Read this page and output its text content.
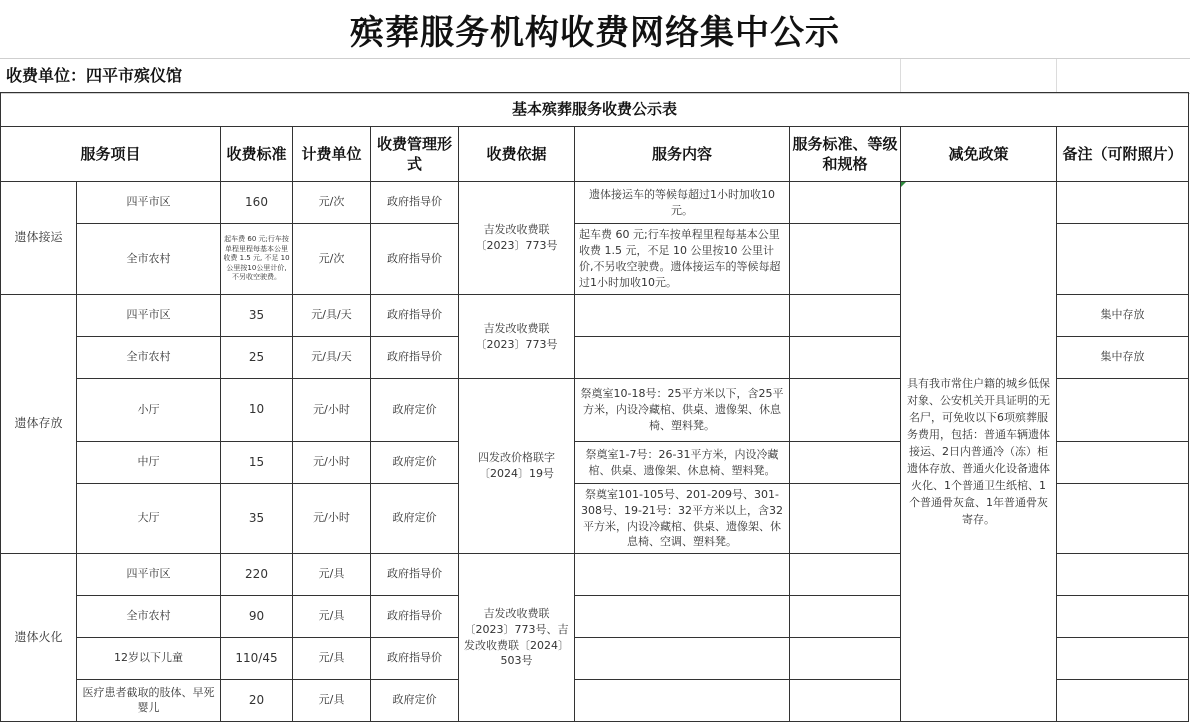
殡葬服务机构收费网络集中公示
收费单位：四平市殡仪馆
基本殡葬服务收费公示表									
服务项目		收费标准	计费单位	收费管理形式	收费依据	服务内容	服务标准、等级和规格	减免政策	备注（可附照片）
遗体接运	四平市区	160	元/次	政府指导价	吉发改收费联〔2023〕773号	遗体接运车的等候每超过1小时加收10元。		具有我市常住户籍的城乡低保对象、公安机关开具证明的无名尸，可免收以下6项殡葬服务费用，包括：普通车辆遗体接运、2日内普通冷（冻）柜遗体存放、普通火化设备遗体火化、1个普通卫生纸棺、1个普通骨灰盒、1年普通骨灰寄存。	
	全市农村	起车费 60 元;行车按单程里程每基本公里收费 1.5 元, 不足 10 公里按10公里计价,不另收空驶费。	元/次	政府指导价		起车费 60 元;行车按单程里程每基本公里收费 1.5 元，不足 10 公里按10 公里计价,不另收空驶费。遗体接运车的等候每超过1小时加收10元。			
遗体存放	四平市区	35	元/具/天	政府指导价	吉发改收费联〔2023〕773号				集中存放
	全市农村	25	元/具/天	政府指导价					集中存放
	小厅	10	元/小时	政府定价	四发改价格联字〔2024〕19号	祭奠室10-18号：25平方米以下，含25平方米，内设冷藏棺、供桌、遗像架、休息椅、塑料凳。			
	中厅	15	元/小时	政府定价		祭奠室1-7号：26-31平方米，内设冷藏棺、供桌、遗像架、休息椅、塑料凳。			
	大厅	35	元/小时	政府定价		祭奠室101-105号、201-209号、301-308号、19-21号：32平方米以上，含32平方米，内设冷藏棺、供桌、遗像架、休息椅、空调、塑料凳。			
遗体火化	四平市区	220	元/具	政府指导价	吉发改收费联〔2023〕773号、吉发改收费联〔2024〕503号				
	全市农村	90	元/具	政府指导价					
	12岁以下儿童	110/45	元/具	政府指导价					
	医疗患者截取的肢体、早死婴儿	20	元/具	政府定价					
